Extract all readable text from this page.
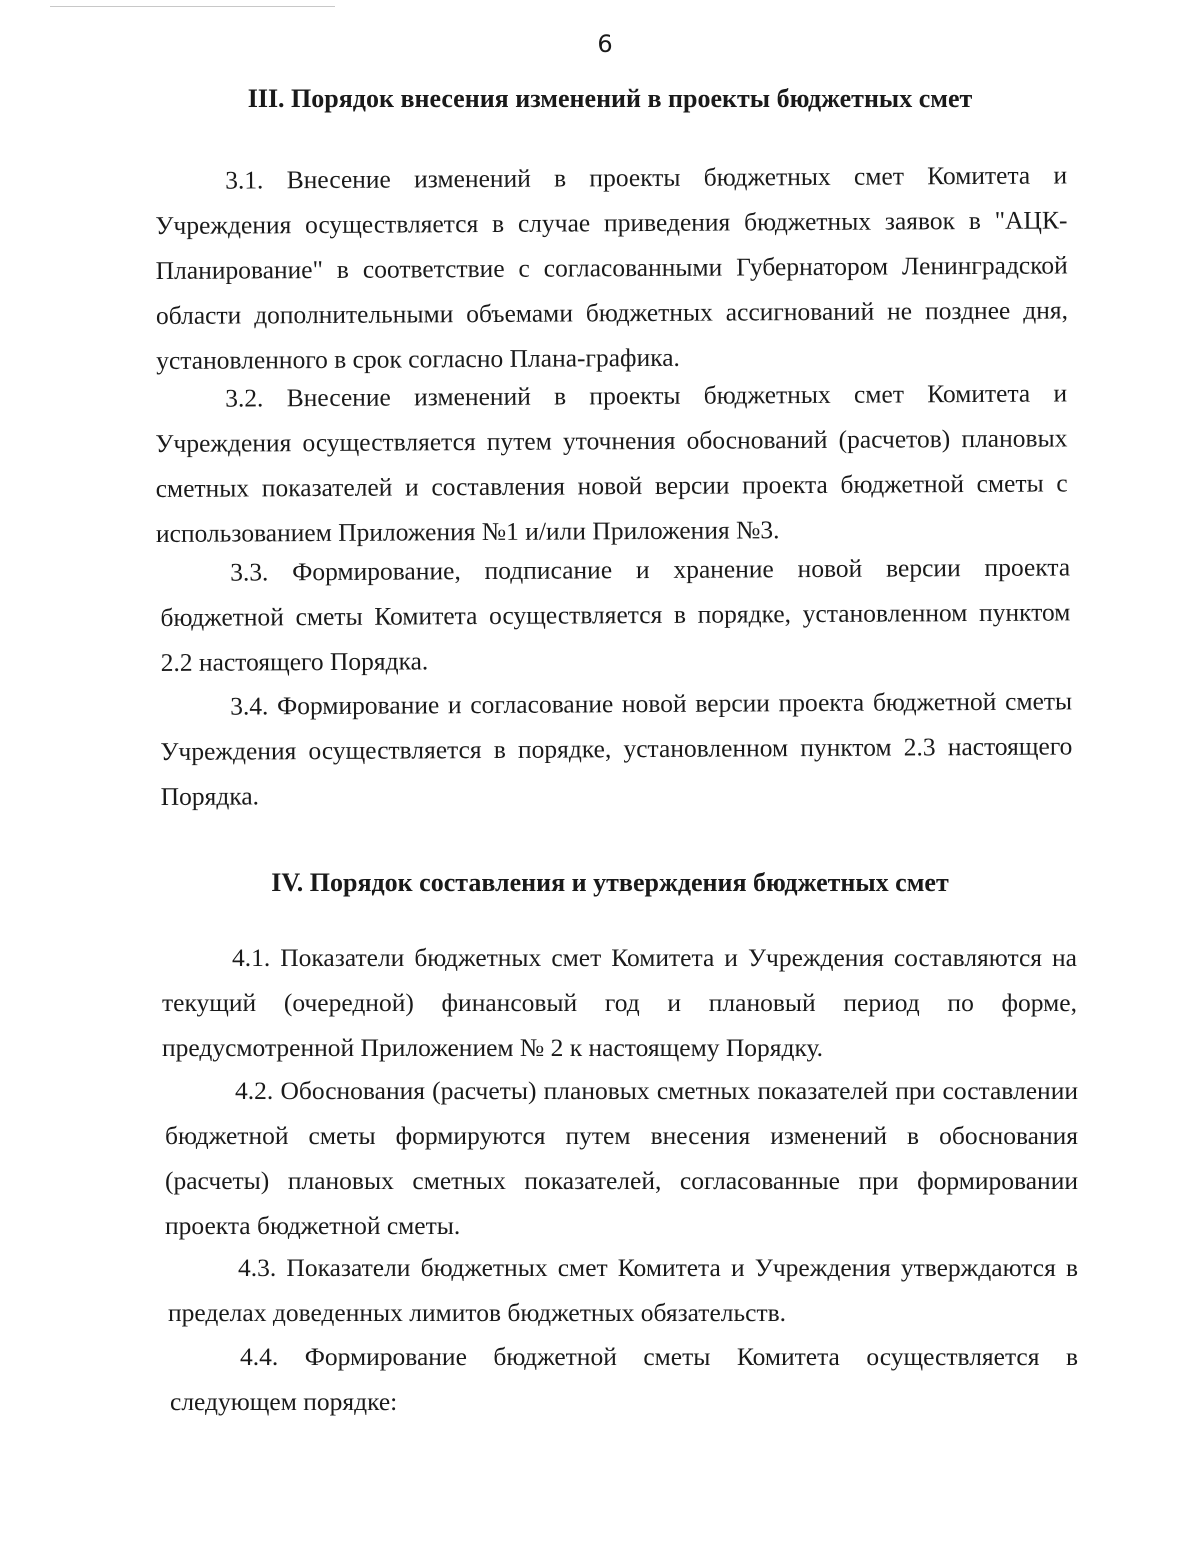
6
III. Порядок внесения изменений в проекты бюджетных смет

3.1. Внесение изменений в проекты бюджетных смет Комитета и Учреждения осуществляется в случае приведения бюджетных заявок в "АЦК-Планирование" в соответствие с согласованными Губернатором Ленинградской области дополнительными объемами бюджетных ассигнований не позднее дня, установленного в срок согласно Плана-графика.

3.2. Внесение изменений в проекты бюджетных смет Комитета и Учреждения осуществляется путем уточнения обоснований (расчетов) плановых сметных показателей и составления новой версии проекта бюджетной сметы с использованием Приложения №1 и/или Приложения №3.

3.3. Формирование, подписание и хранение новой версии проекта бюджетной сметы Комитета осуществляется в порядке, установленном пунктом 2.2 настоящего Порядка.

3.4. Формирование и согласование новой версии проекта бюджетной сметы Учреждения осуществляется в порядке, установленном пунктом 2.3 настоящего Порядка.

IV. Порядок составления и утверждения бюджетных смет

4.1. Показатели бюджетных смет Комитета и Учреждения составляются на текущий (очередной) финансовый год и плановый период по форме, предусмотренной Приложением № 2 к настоящему Порядку.

4.2. Обоснования (расчеты) плановых сметных показателей при составлении бюджетной сметы формируются путем внесения изменений в обоснования (расчеты) плановых сметных показателей, согласованные при формировании проекта бюджетной сметы.

4.3. Показатели бюджетных смет Комитета и Учреждения утверждаются в пределах доведенных лимитов бюджетных обязательств.

4.4. Формирование бюджетной сметы Комитета осуществляется в следующем порядке:
